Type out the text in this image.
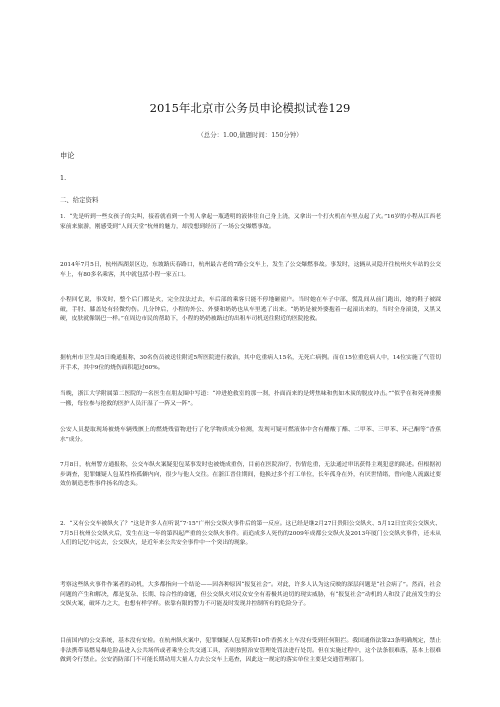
2015年北京市公务员申论模拟试卷129
（总分：1.00,做题时间：150分钟）
申论
1.
二、给定资料
1．“先是听到一些女孩子的尖叫，接着就看到一个男人拿起一瓶透明的液体往自己身上浇，又拿出一个打火机在车里点起了火。”16岁的小程从江西老家前来旅游，刚感受到“人间天堂”杭州的魅力，却没想到经历了一场公交爆燃事故。
2014年7月5日，杭州西湖景区边，东坡路庆春路口，杭州最古老的7路公交车上，发生了公交爆燃事故。事发时，这辆从灵隐开往杭州火车站的公交车上，有80多名乘客，其中就包括小程一家五口。
小程回忆说，事发时，整个后门都是火，完全没法过去，车后部的乘客只能不停地砸窗户。当时她在车子中部，慌乱间从前门跑出，她的鞋子被踩破，手肘、膝盖处有轻微灼伤。几分钟后，小程的外公、外婆和奶奶也从车里逃了出来。“奶奶是被外婆抱着一起滚出来的，当时全身滚烫，又黑又硬，皮肤就像锅巴一样。”在周边市民的帮助下，小程的奶奶被路过的出租车司机送往附近的医院抢救。
据杭州市卫生局5日晚通报称，30名伤员被送往附近5所医院进行救治，其中危重病人15名，无死亡病例。而在15位重危病人中，14位实施了气管切开手术，其中9位的烧伤面积超过60%。
当晚，浙江大学附属第二医院的一名医生在朋友圈中写道：“冲进抢救室的那一刹，扑面而来的是烤焦味和焦如木炭的脱皮冲击。”“似乎在和死神重搬一搬，每位参与抢救的医护人员汗湿了一阵又一阵”。
公安人员提取现场被烧车辆残骸上的燃烧残留物进行了化学物质成分检测，发现可疑可燃液体中含有醋酸丁酯、二甲苯、三甲苯、环己酮等“香蕉水”成分。
7月8日，杭州警方通报称，公交车纵火案疑犯包某事发时也被烧成重伤，目前在医院治疗，伤情危重，无法通过审讯获得主观犯意的陈述。但根据初步调查，犯罪嫌疑人包某性格孤僻内向，很少与他人交往。在浙江晋住期间，他换过多个打工单位，长年孤身在外，有厌世情绪，曾向他人流露过要效仿制造恶性事件扬名的念头。
2．“又有公交车被纵火了？”这是许多人在听说“7·15”广州公交纵火事件后的第一反应。这已经是继2月27日贵阳公交纵火、5月12日宜宾公交纵火、7月5日杭州公交纵火后，发生在这一年的第四起严重的公交纵火事件。而追成多人死伤的2009年成都公交纵火及2013年厦门公交纵火事件，还未从人们的记忆中远去，公交纵火，是近年来公共安全事件中一个突出的现象。
考察这些纵火事件作案者的动机，大多都指向一个结论——因各种原因“报复社会”。对此，许多人认为这反映的深层问题是“社会病了”。然而，社会问题的产生和解决，都是复杂、长期、综合性的命题，但公交纵火对民众安全有着极其迫切的现实威胁，有“报复社会”动机的人和没了此前发生的公交纵火案，破坏力之大，也想有样学样。依靠有限的警力不可能及时发现并控制所有的危险分子。
目前国内的公交系统，基本没有安检。在杭州纵火案中，犯罪嫌疑人包某携带10件香蕉水上车没有受到任何阻拦。我国通俗法第23条明确规定，禁止非法携带易燃易爆危险品进入公共场所或者乘坐公共交通工具，否则按照治安管理处罚法进行处罚。但在实施过程中，这个法条很难落，基本上很难做到令行禁止。公安消防部门不可能长期动用大量人力去公交车上巡查，因此这一规定的落实单位主要是交通管理部门。
